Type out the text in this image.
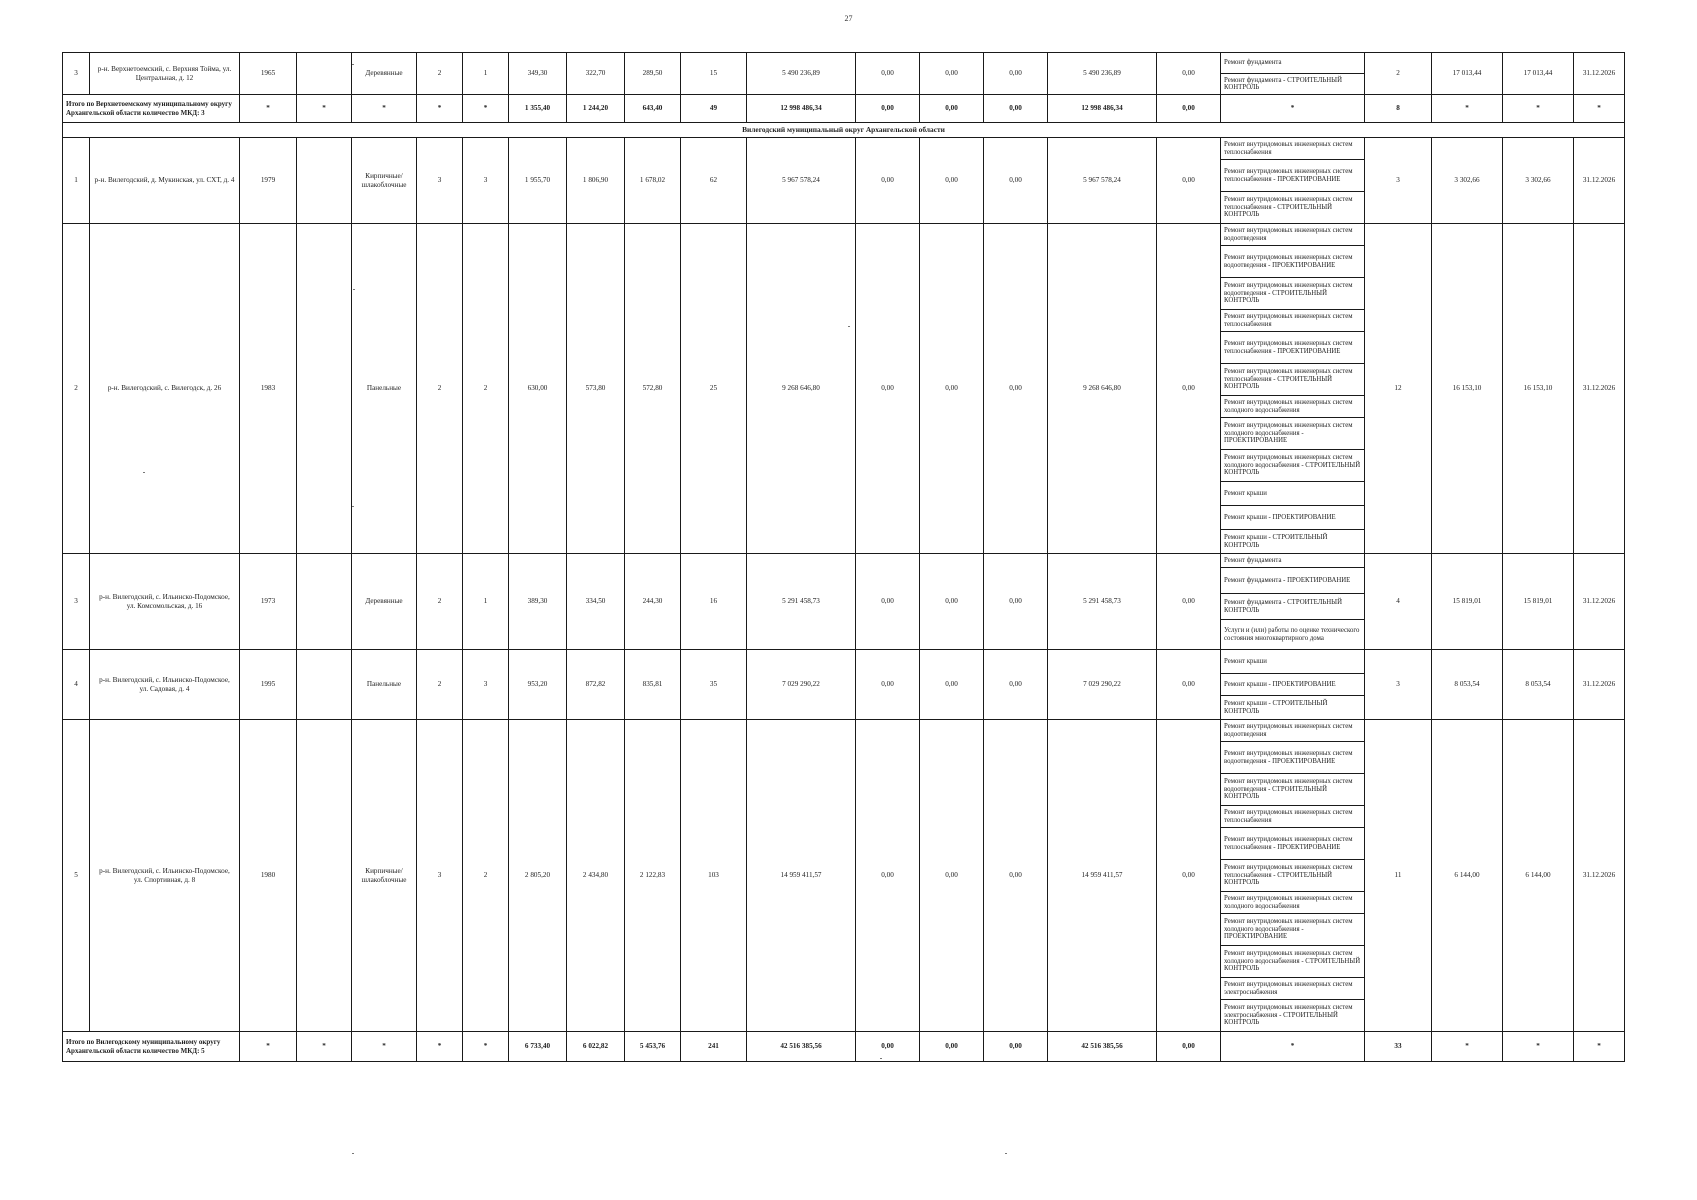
27
3	р-н. Верхнетоемский, с. Верхняя Тойма, ул. Центральная, д. 12	1965		Деревянные	2	1	349,30	322,70	289,50	15	5 490 236,89	0,00	0,00	0,00	5 490 236,89	0,00	Ремонт фундамента	2	17 013,44	17 013,44	31.12.2026
																	Ремонт фундамента - СТРОИТЕЛЬНЫЙ КОНТРОЛЬ				
Итого по Верхнетоемскому муниципальному округу Архангельской области количество МКД: 3		*	*	*	*	*	1 355,40	1 244,20	643,40	49	12 998 486,34	0,00	0,00	0,00	12 998 486,34	0,00	*	8	*	*	*
Вилегодский муниципальный округ Архангельской области																					
1	р-н. Вилегодский, д. Мукинская, ул. СХТ, д. 4	1979		Кирпичные/ шлакоблочные	3	3	1 955,70	1 806,90	1 678,02	62	5 967 578,24	0,00	0,00	0,00	5 967 578,24	0,00	Ремонт внутридомовых инженерных систем теплоснабжения	3	3 302,66	3 302,66	31.12.2026
																	Ремонт внутридомовых инженерных систем теплоснабжения - ПРОЕКТИРОВАНИЕ				
																	Ремонт внутридомовых инженерных систем теплоснабжения - СТРОИТЕЛЬНЫЙ КОНТРОЛЬ				
2	р-н. Вилегодский, с. Вилегодск, д. 26	1983		Панельные	2	2	630,00	573,80	572,80	25	9 268 646,80	0,00	0,00	0,00	9 268 646,80	0,00	Ремонт внутридомовых инженерных систем водоотведения	12	16 153,10	16 153,10	31.12.2026
																	Ремонт внутридомовых инженерных систем водоотведения - ПРОЕКТИРОВАНИЕ				
																	Ремонт внутридомовых инженерных систем водоотведения - СТРОИТЕЛЬНЫЙ КОНТРОЛЬ				
																	Ремонт внутридомовых инженерных систем теплоснабжения				
																	Ремонт внутридомовых инженерных систем теплоснабжения - ПРОЕКТИРОВАНИЕ				
																	Ремонт внутридомовых инженерных систем теплоснабжения - СТРОИТЕЛЬНЫЙ КОНТРОЛЬ				
																	Ремонт внутридомовых инженерных систем холодного водоснабжения				
																	Ремонт внутридомовых инженерных систем холодного водоснабжения - ПРОЕКТИРОВАНИЕ				
																	Ремонт внутридомовых инженерных систем холодного водоснабжения - СТРОИТЕЛЬНЫЙ КОНТРОЛЬ				
																	Ремонт крыши				
																	Ремонт крыши - ПРОЕКТИРОВАНИЕ				
																	Ремонт крыши - СТРОИТЕЛЬНЫЙ КОНТРОЛЬ				
3	р-н. Вилегодский, с. Ильинско-Подомское, ул. Комсомольская, д. 16	1973		Деревянные	2	1	389,30	334,50	244,30	16	5 291 458,73	0,00	0,00	0,00	5 291 458,73	0,00	Ремонт фундамента	4	15 819,01	15 819,01	31.12.2026
																	Ремонт фундамента - ПРОЕКТИРОВАНИЕ				
																	Ремонт фундамента - СТРОИТЕЛЬНЫЙ КОНТРОЛЬ				
																	Услуги и (или) работы по оценке технического состояния многоквартирного дома				
4	р-н. Вилегодский, с. Ильинско-Подомское, ул. Садовая, д. 4	1995		Панельные	2	3	953,20	872,82	835,81	35	7 029 290,22	0,00	0,00	0,00	7 029 290,22	0,00	Ремонт крыши	3	8 053,54	8 053,54	31.12.2026
																	Ремонт крыши - ПРОЕКТИРОВАНИЕ				
																	Ремонт крыши - СТРОИТЕЛЬНЫЙ КОНТРОЛЬ				
5	р-н. Вилегодский, с. Ильинско-Подомское, ул. Спортивная, д. 8	1980		Кирпичные/ шлакоблочные	3	2	2 805,20	2 434,80	2 122,83	103	14 959 411,57	0,00	0,00	0,00	14 959 411,57	0,00	Ремонт внутридомовых инженерных систем водоотведения	11	6 144,00	6 144,00	31.12.2026
																	Ремонт внутридомовых инженерных систем водоотведения - ПРОЕКТИРОВАНИЕ				
																	Ремонт внутридомовых инженерных систем водоотведения - СТРОИТЕЛЬНЫЙ КОНТРОЛЬ				
																	Ремонт внутридомовых инженерных систем теплоснабжения				
																	Ремонт внутридомовых инженерных систем теплоснабжения - ПРОЕКТИРОВАНИЕ				
																	Ремонт внутридомовых инженерных систем теплоснабжения - СТРОИТЕЛЬНЫЙ КОНТРОЛЬ				
																	Ремонт внутридомовых инженерных систем холодного водоснабжения				
																	Ремонт внутридомовых инженерных систем холодного водоснабжения - ПРОЕКТИРОВАНИЕ				
																	Ремонт внутридомовых инженерных систем холодного водоснабжения - СТРОИТЕЛЬНЫЙ КОНТРОЛЬ				
																	Ремонт внутридомовых инженерных систем электроснабжения				
																	Ремонт внутридомовых инженерных систем электроснабжения - СТРОИТЕЛЬНЫЙ КОНТРОЛЬ				
Итого по Вилегодскому муниципальному округу Архангельской области количество МКД: 5		*	*	*	*	*	6 733,40	6 022,82	5 453,76	241	42 516 385,56	0,00	0,00	0,00	42 516 385,56	0,00	*	33	*	*	*
